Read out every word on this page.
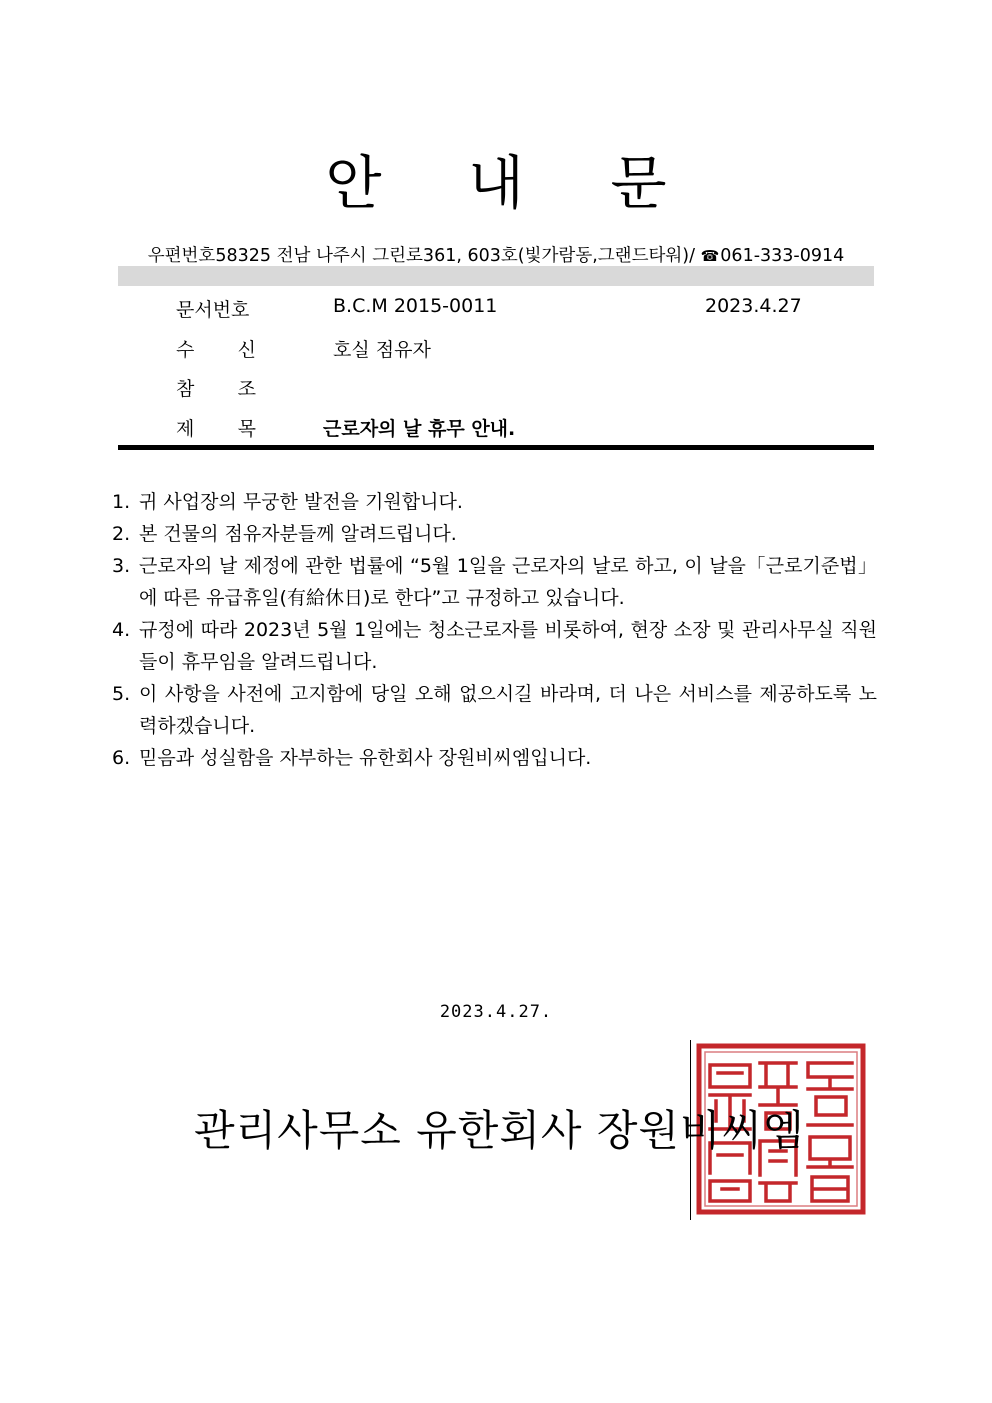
안 내 문
우편번호58325 전남 나주시 그린로361, 603호(빛가람동,그랜드타워)/ ☎061-333-0914
문서번호	B.C.M 2015-0011	2023.4.27
수 신	호실 점유자
참 조
제 목	근로자의 날 휴무 안내.
1. 귀 사업장의 무궁한 발전을 기원합니다.
2. 본 건물의 점유자분들께 알려드립니다.
3. 근로자의 날 제정에 관한 법률에 “5월 1일을 근로자의 날로 하고, 이 날을「근로기준법」에 따른 유급휴일(有給休日)로 한다”고 규정하고 있습니다.
4. 규정에 따라 2023년 5월 1일에는 청소근로자를 비롯하여, 현장 소장 및 관리사무실 직원들이 휴무임을 알려드립니다.
5. 이 사항을 사전에 고지함에 당일 오해 없으시길 바라며, 더 나은 서비스를 제공하도록 노력하겠습니다.
6. 믿음과 성실함을 자부하는 유한회사 장원비씨엠입니다.
2023.4.27.
관리사무소 유한회사 장원비씨엠
